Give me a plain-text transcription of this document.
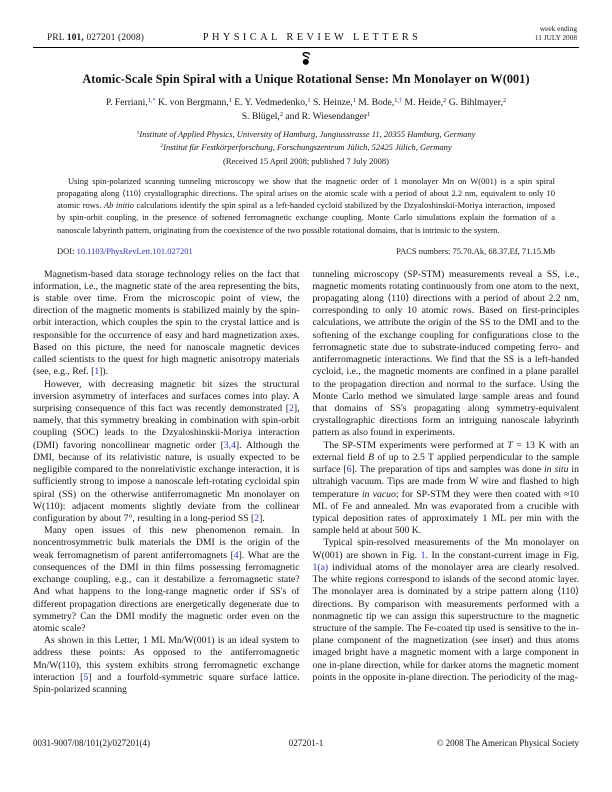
PRL 101, 027201 (2008)	PHYSICAL REVIEW LETTERS
week ending
11 JULY 2008
Atomic-Scale Spin Spiral with a Unique Rotational Sense: Mn Monolayer on W(001)
P. Ferriani,$^{1,*}$ K. von Bergmann,$^1$ E. Y. Vedmedenko,$^1$ S. Heinze,$^1$ M. Bode,$^{1,\dagger}$ M. Heide,$^2$ G. Bihlmayer,$^2$
S. Blügel,$^2$ and R. Wiesendanger$^1$
$^1$Institute of Applied Physics, University of Hamburg, Jungiusstrasse 11, 20355 Hamburg, Germany
$^2$Institut für Festkörperforschung, Forschungszentrum Jülich, 52425 Jülich, Germany
(Received 15 April 2008; published 7 July 2008)
Using spin-polarized scanning tunneling microscopy we show that the magnetic order of 1 monolayer Mn on W(001) is a spin spiral propagating along ⟨110⟩ crystallographic directions. The spiral arises on the atomic scale with a period of about 2.2 nm, equivalent to only 10 atomic rows. Ab initio calculations identify the spin spiral as a left-handed cycloid stabilized by the Dzyaloshinskii-Moriya interaction, imposed by spin-orbit coupling, in the presence of softened ferromagnetic exchange coupling. Monte Carlo simulations explain the formation of a nanoscale labyrinth pattern, originating from the coexistence of the two possible rotational domains, that is intrinsic to the system.
DOI: 10.1103/PhysRevLett.101.027201	PACS numbers: 75.70.Ak, 68.37.Ef, 71.15.Mb

Magnetism-based data storage technology relies on the fact that information, i.e., the magnetic state of the area representing the bits, is stable over time. From the microscopic point of view, the direction of the magnetic moments is stabilized mainly by the spin-orbit interaction, which couples the spin to the crystal lattice and is responsible for the occurrence of easy and hard magnetization axes. Based on this picture, the need for nanoscale magnetic devices called scientists to the quest for high magnetic anisotropy materials (see, e.g., Ref. [1]).

However, with decreasing magnetic bit sizes the structural inversion asymmetry of interfaces and surfaces comes into play. A surprising consequence of this fact was recently demonstrated [2], namely, that this symmetry breaking in combination with spin-orbit coupling (SOC) leads to the Dzyaloshinskii-Moriya interaction (DMI) favoring noncollinear magnetic order [3,4]. Although the DMI, because of its relativistic nature, is usually expected to be negligible compared to the nonrelativistic exchange interaction, it is sufficiently strong to impose a nanoscale left-rotating cycloidal spin spiral (SS) on the otherwise antiferromagnetic Mn monolayer on W(110): adjacent moments slightly deviate from the collinear configuration by about 7°, resulting in a long-period SS [2].

Many open issues of this new phenomenon remain. In noncentrosymmetric bulk materials the DMI is the origin of the weak ferromagnetism of parent antiferromagnets [4]. What are the consequences of the DMI in thin films possessing ferromagnetic exchange coupling, e.g., can it destabilize a ferromagnetic state? And what happens to the long-range magnetic order if SS's of different propagation directions are energetically degenerate due to symmetry? Can the DMI modify the magnetic order even on the atomic scale?

As shown in this Letter, 1 ML Mn/W(001) is an ideal system to address these points: As opposed to the antiferromagnetic Mn/W(110), this system exhibits strong ferromagnetic exchange interaction [5] and a fourfold-symmetric square surface lattice. Spin-polarized scanning

tunneling microscopy (SP-STM) measurements reveal a SS, i.e., magnetic moments rotating continuously from one atom to the next, propagating along ⟨110⟩ directions with a period of about 2.2 nm, corresponding to only 10 atomic rows. Based on first-principles calculations, we attribute the origin of the SS to the DMI and to the softening of the exchange coupling for configurations close to the ferromagnetic state due to substrate-induced competing ferro- and antiferromagnetic interactions. We find that the SS is a left-handed cycloid, i.e., the magnetic moments are confined in a plane parallel to the propagation direction and normal to the surface. Using the Monte Carlo method we simulated large sample areas and found that domains of SS's propagating along symmetry-equivalent crystallographic directions form an intriguing nanoscale labyrinth pattern as also found in experiments.

The SP-STM experiments were performed at T = 13 K with an external field B of up to 2.5 T applied perpendicular to the sample surface [6]. The preparation of tips and samples was done in situ in ultrahigh vacuum. Tips are made from W wire and flashed to high temperature in vacuo; for SP-STM they were then coated with ≈10 ML of Fe and annealed. Mn was evaporated from a crucible with typical deposition rates of approximately 1 ML per min with the sample held at about 500 K.

Typical spin-resolved measurements of the Mn monolayer on W(001) are shown in Fig. 1. In the constant-current image in Fig. 1(a) individual atoms of the monolayer area are clearly resolved. The white regions correspond to islands of the second atomic layer. The monolayer area is dominated by a stripe pattern along ⟨110⟩ directions. By comparison with measurements performed with a nonmagnetic tip we can assign this superstructure to the magnetic structure of the sample. The Fe-coated tip used is sensitive to the in-plane component of the magnetization (see inset) and thus atoms imaged bright have a magnetic moment with a large component in one in-plane direction, while for darker atoms the magnetic moment points in the opposite in-plane direction. The periodicity of the mag-

0031-9007/08/101(2)/027201(4)	027201-1	© 2008 The American Physical Society
